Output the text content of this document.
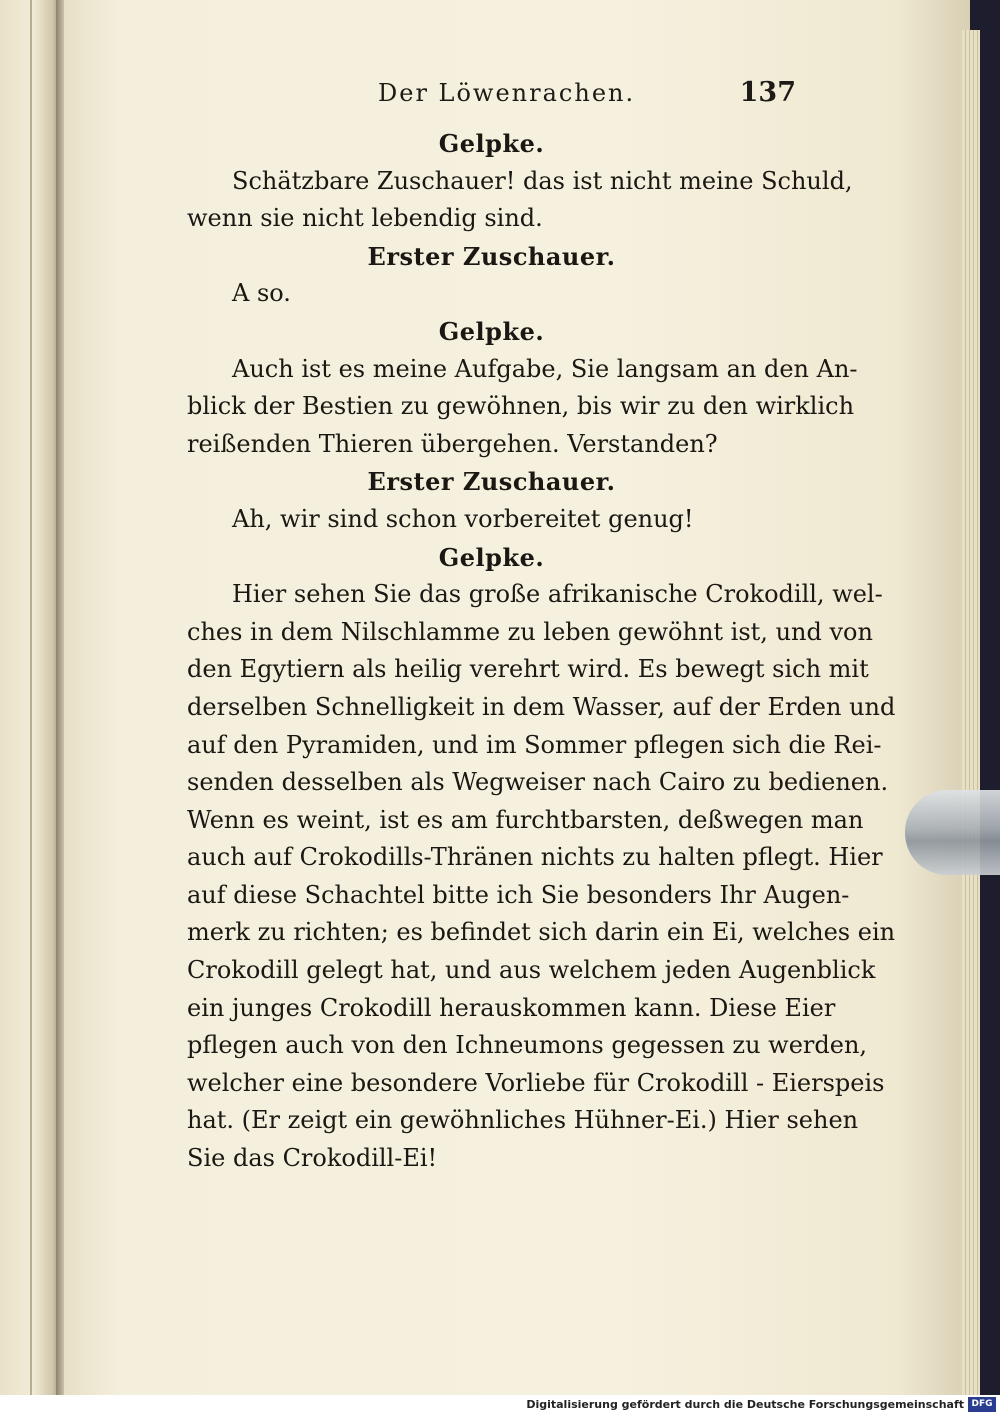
Der Löwenrachen.	137
Gelpke.
Schätzbare Zuschauer! das ist nicht meine Schuld,
wenn sie nicht lebendig sind.
Erster Zuschauer.
A so.
Gelpke.
Auch ist es meine Aufgabe, Sie langsam an den An-
blick der Bestien zu gewöhnen, bis wir zu den wirklich
reißenden Thieren übergehen. Verstanden?
Erster Zuschauer.
Ah, wir sind schon vorbereitet genug!
Gelpke.
Hier sehen Sie das große afrikanische Crokodill, wel-
ches in dem Nilschlamme zu leben gewöhnt ist, und von
den Egytiern als heilig verehrt wird. Es bewegt sich mit
derselben Schnelligkeit in dem Wasser, auf der Erden und
auf den Pyramiden, und im Sommer pflegen sich die Rei-
senden desselben als Wegweiser nach Cairo zu bedienen.
Wenn es weint, ist es am furchtbarsten, deßwegen man
auch auf Crokodills-Thränen nichts zu halten pflegt. Hier
auf diese Schachtel bitte ich Sie besonders Ihr Augen-
merk zu richten; es befindet sich darin ein Ei, welches ein
Crokodill gelegt hat, und aus welchem jeden Augenblick
ein junges Crokodill herauskommen kann. Diese Eier
pflegen auch von den Ichneumons gegessen zu werden,
welcher eine besondere Vorliebe für Crokodill - Eierspeis
hat. (Er zeigt ein gewöhnliches Hühner-Ei.) Hier sehen
Sie das Crokodill-Ei!
Digitalisierung gefördert durch die Deutsche Forschungsgemeinschaft DFG
